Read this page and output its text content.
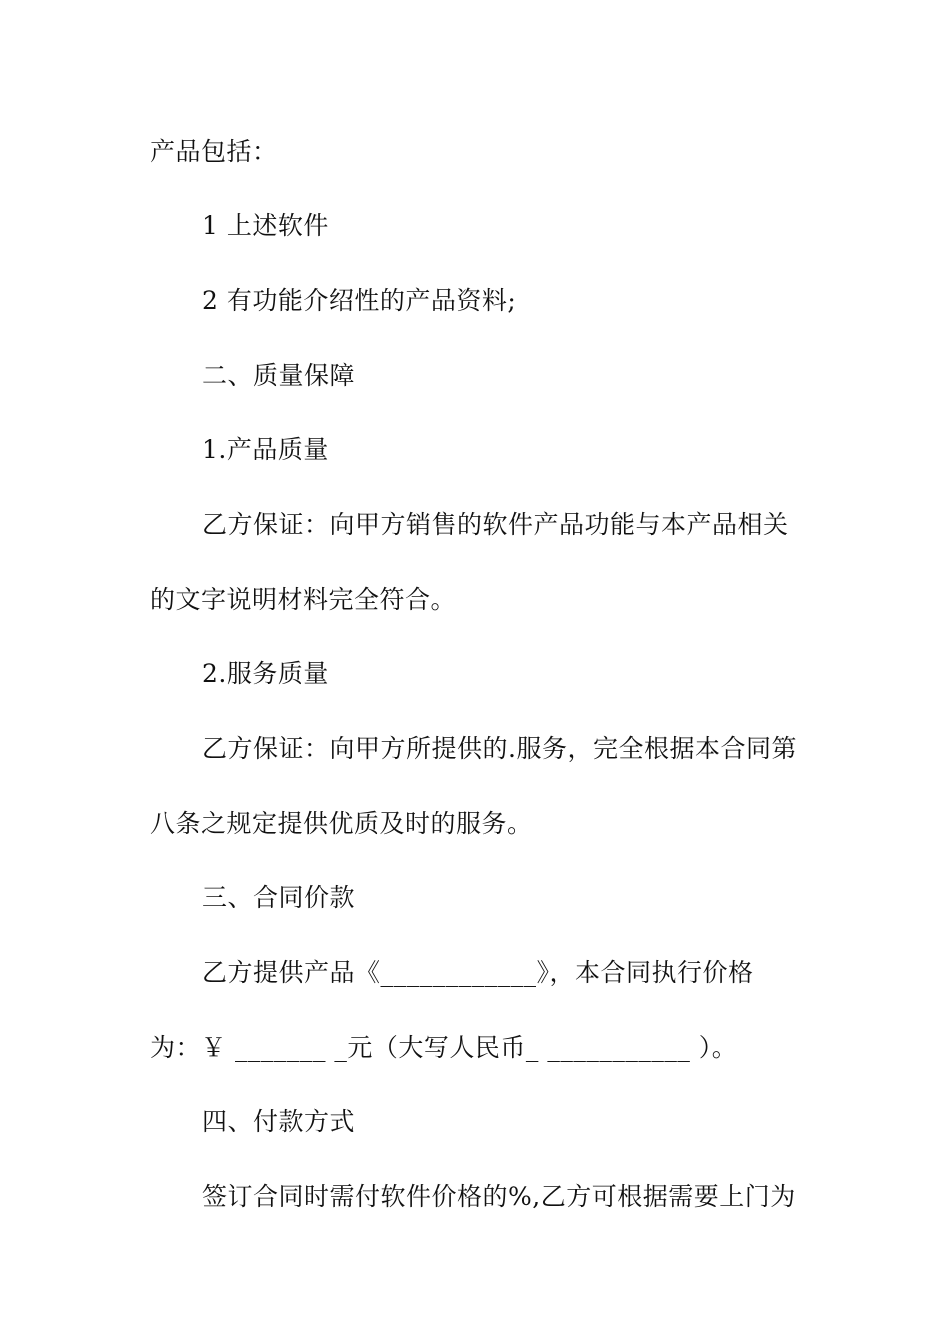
产品包括：
1 上述软件
2 有功能介绍性的产品资料;
二、质量保障
1.产品质量
乙方保证：向甲方销售的软件产品功能与本产品相关
的文字说明材料完全符合。
2.服务质量
乙方保证：向甲方所提供的.服务，完全根据本合同第
八条之规定提供优质及时的服务。
三、合同价款
乙方提供产品《____________》，本合同执行价格
为：￥ _______ _元（大写人民币_ ___________ ）。
四、付款方式
签订合同时需付软件价格的%,乙方可根据需要上门为
